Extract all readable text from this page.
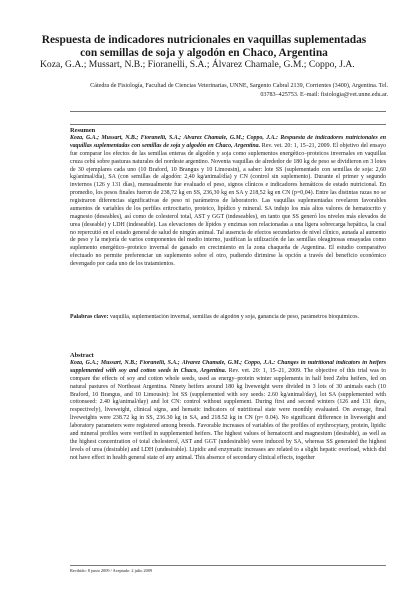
Respuesta de indicadores nutricionales en vaquillas suplementadas con semillas de soja y algodón en Chaco, Argentina

Koza, G.A.; Mussart, N.B.; Fioranelli, S.A.; Álvarez Chamale, G.M.; Coppo, J.A.

Cátedra de Fisiología, Facultad de Ciencias Veterinarias, UNNE, Sargento Cabral 2139, Corrientes (3400), Argentina. Tel. 03783–425753. E–mail: fisiologia@vet.unne.edu.ar.

Resumen

Koza, G.A.; Mussart, N.B.; Fioranelli, S.A.; Álvarez Chamale, G.M.; Coppo, J.A.: Respuesta de indicadores nutricionales en vaquillas suplementadas con semillas de soja y algodón en Chaco, Argentina. Rev. vet. 20: 1, 15–21, 2009. El objetivo del ensayo fue comparar los efectos de las semillas enteras de algodón y soja como suplementos energético–proteicos invernales en vaquillas cruza cebú sobre pasturas naturales del nordeste argentino. Noventa vaquillas de alrededor de 180 kg de peso se dividieron en 3 lotes de 30 ejemplares cada uno (10 Braford, 10 Brangus y 10 Limousin), a saber: lote SS (suplementado con semillas de soja: 2,60 kg/animal/día), SA (con semillas de algodón: 2,40 kg/animal/día) y CN (control sin suplemento). Durante el primer y segundo inviernos (126 y 131 días), mensualmente fue evaluado el peso, signos clínicos e indicadores hemáticos de estado nutricional. En promedio, los pesos finales fueron de 238,72 kg en SS, 236,30 kg en SA y 218,52 kg en CN (p=0,04). Entre las distintas razas no se registraron diferencias significativas de peso ni parámetros de laboratorio. Las vaquillas suplementadas revelaron favorables aumentos de variables de los perfiles eritrocitario, proteico, lipídico y mineral. SA indujo los más altos valores de hematocrito y magnesio (deseables), así como de colesterol total, AST y GGT (indeseables), en tanto que SS generó los niveles más elevados de urea (deseable) y LDH (indeseable). Las elevaciones de lípidos y enzimas son relacionadas a una ligera sobrecarga hepática, la cual no repercutió en el estado general de salud de ningún animal. Tal ausencia de efectos secundarios de nivel clínico, aunada al aumento de peso y la mejoría de varios componentes del medio interno, justifican la utilización de las semillas oleaginosas ensayadas como suplemento energético–proteico invernal de ganado en crecimiento en la zona chaqueña de Argentina. El estudio comparativo efectuado no permite preferenciar un suplemento sobre el otro, pudiendo dirimirse la opción a través del beneficio económico devengado por cada uno de los tratamientos.

Palabras clave: vaquilla, suplementación invernal, semillas de algodón y soja, ganancia de peso, parámetros bioquímicos.

Abstract

Koza, G.A.; Mussart, N.B.; Fioranelli, S.A.; Álvarez Chamale, G.M.; Coppo, J.A.: Changes in nutritional indicators in heifers supplemented with soy and cotton seeds in Chaco, Argentina. Rev. vet. 20: 1, 15–21, 2009. The objective of this trial was to compare the effects of soy and cotton whole seeds, used as energy–protein winter supplements in half bred Zebu heifers, fed on natural pastures of Northeast Argentina. Ninety heifers around 180 kg liveweight were divided in 3 lots of 30 animals each (10 Braford, 10 Brangus, and 10 Limousin): lot SS (supplemented with soy seeds: 2.60 kg/animal/day), lot SA (supplemented with cottonseed: 2.40 kg/animal/day) and lot CN: control without supplement. During first and second winters (126 and 131 days, respectively), liveweight, clinical signs, and hematic indicators of nutritional state were monthly evaluated. On average, final liveweights were 238.72 kg in SS, 236.30 kg in SA, and 218.52 kg in CN (p= 0.04). No significant difference in liveweight and laboratory parameters were registered among breeds. Favorable increases of variables of the profiles of erythrocytary, protein, lipidic and mineral profiles were verified in supplemented heifers. The highest values of hematocrit and magnesium (desirable), as well as the highest concentration of total cholesterol, AST and GGT (undesirable) were induced by SA, whereas SS generated the highest levels of urea (desirable) and LDH (undesirable). Lipidic and enzymatic increases are related to a slight hepatic overload, which did not have effect in health general state of any animal. This absence of secondary clinical effects, together

Recibido: 8 junio 2009 / Aceptado: 2 julio 2009
